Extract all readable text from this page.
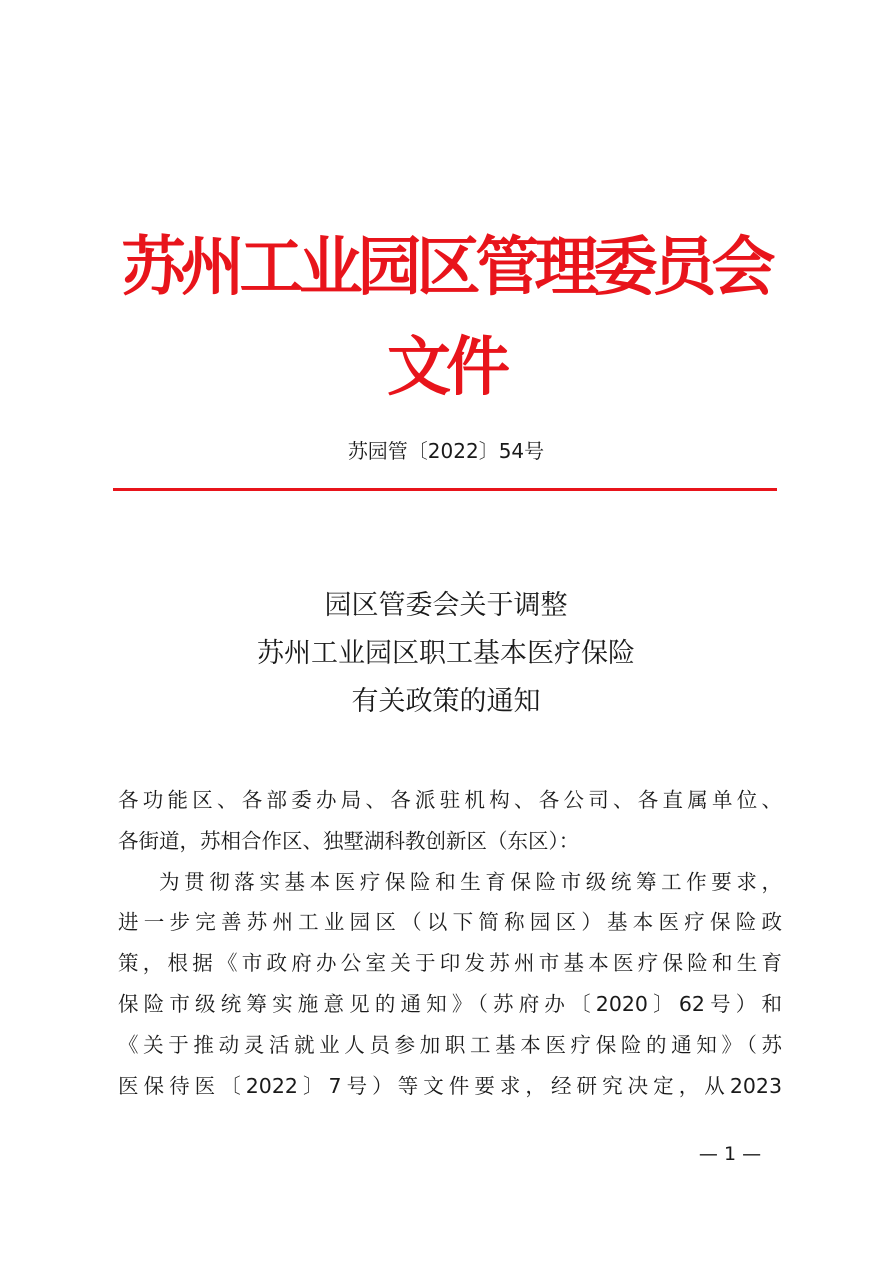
苏州工业园区管理委员会文件
苏园管〔2022〕54号
园区管委会关于调整
苏州工业园区职工基本医疗保险
有关政策的通知

各功能区、各部委办局、各派驻机构、各公司、各直属单位、

各街道，苏相合作区、独墅湖科教创新区（东区）：

为贯彻落实基本医疗保险和生育保险市级统筹工作要求，

进一步完善苏州工业园区（以下简称园区）基本医疗保险政

策，根据《市政府办公室关于印发苏州市基本医疗保险和生育

保险市级统筹实施意见的通知》（苏府办〔2020〕62号）和

《关于推动灵活就业人员参加职工基本医疗保险的通知》（苏

医保待医〔2022〕7号）等文件要求，经研究决定，从2023

— 1 —
